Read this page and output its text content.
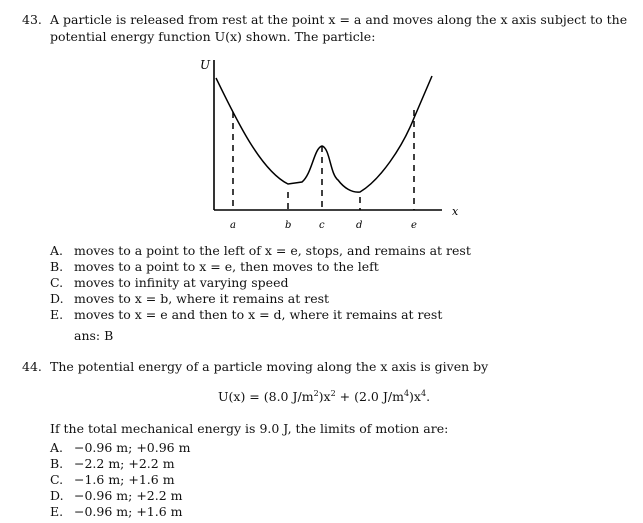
43. A particle is released from rest at the point x = a and moves along the x axis subject to the
potential energy function U(x) shown. The particle:
U
x
a	b	c	d	e
A. moves to a point to the left of x = e, stops, and remains at rest
B. moves to a point to x = e, then moves to the left
C. moves to infinity at varying speed
D. moves to x = b, where it remains at rest
E. moves to x = e and then to x = d, where it remains at rest
ans: B
44. The potential energy of a particle moving along the x axis is given by
U(x) = (8.0 $J/m^2)x^2 + (2.0$ $J/m^4)x^4$.
If the total mechanical energy is 9.0 J, the limits of motion are:
A. −0.96 m; +0.96 m
B. −2.2 m; +2.2 m
C. −1.6 m; +1.6 m
D. −0.96 m; +2.2 m
E. −0.96 m; +1.6 m
